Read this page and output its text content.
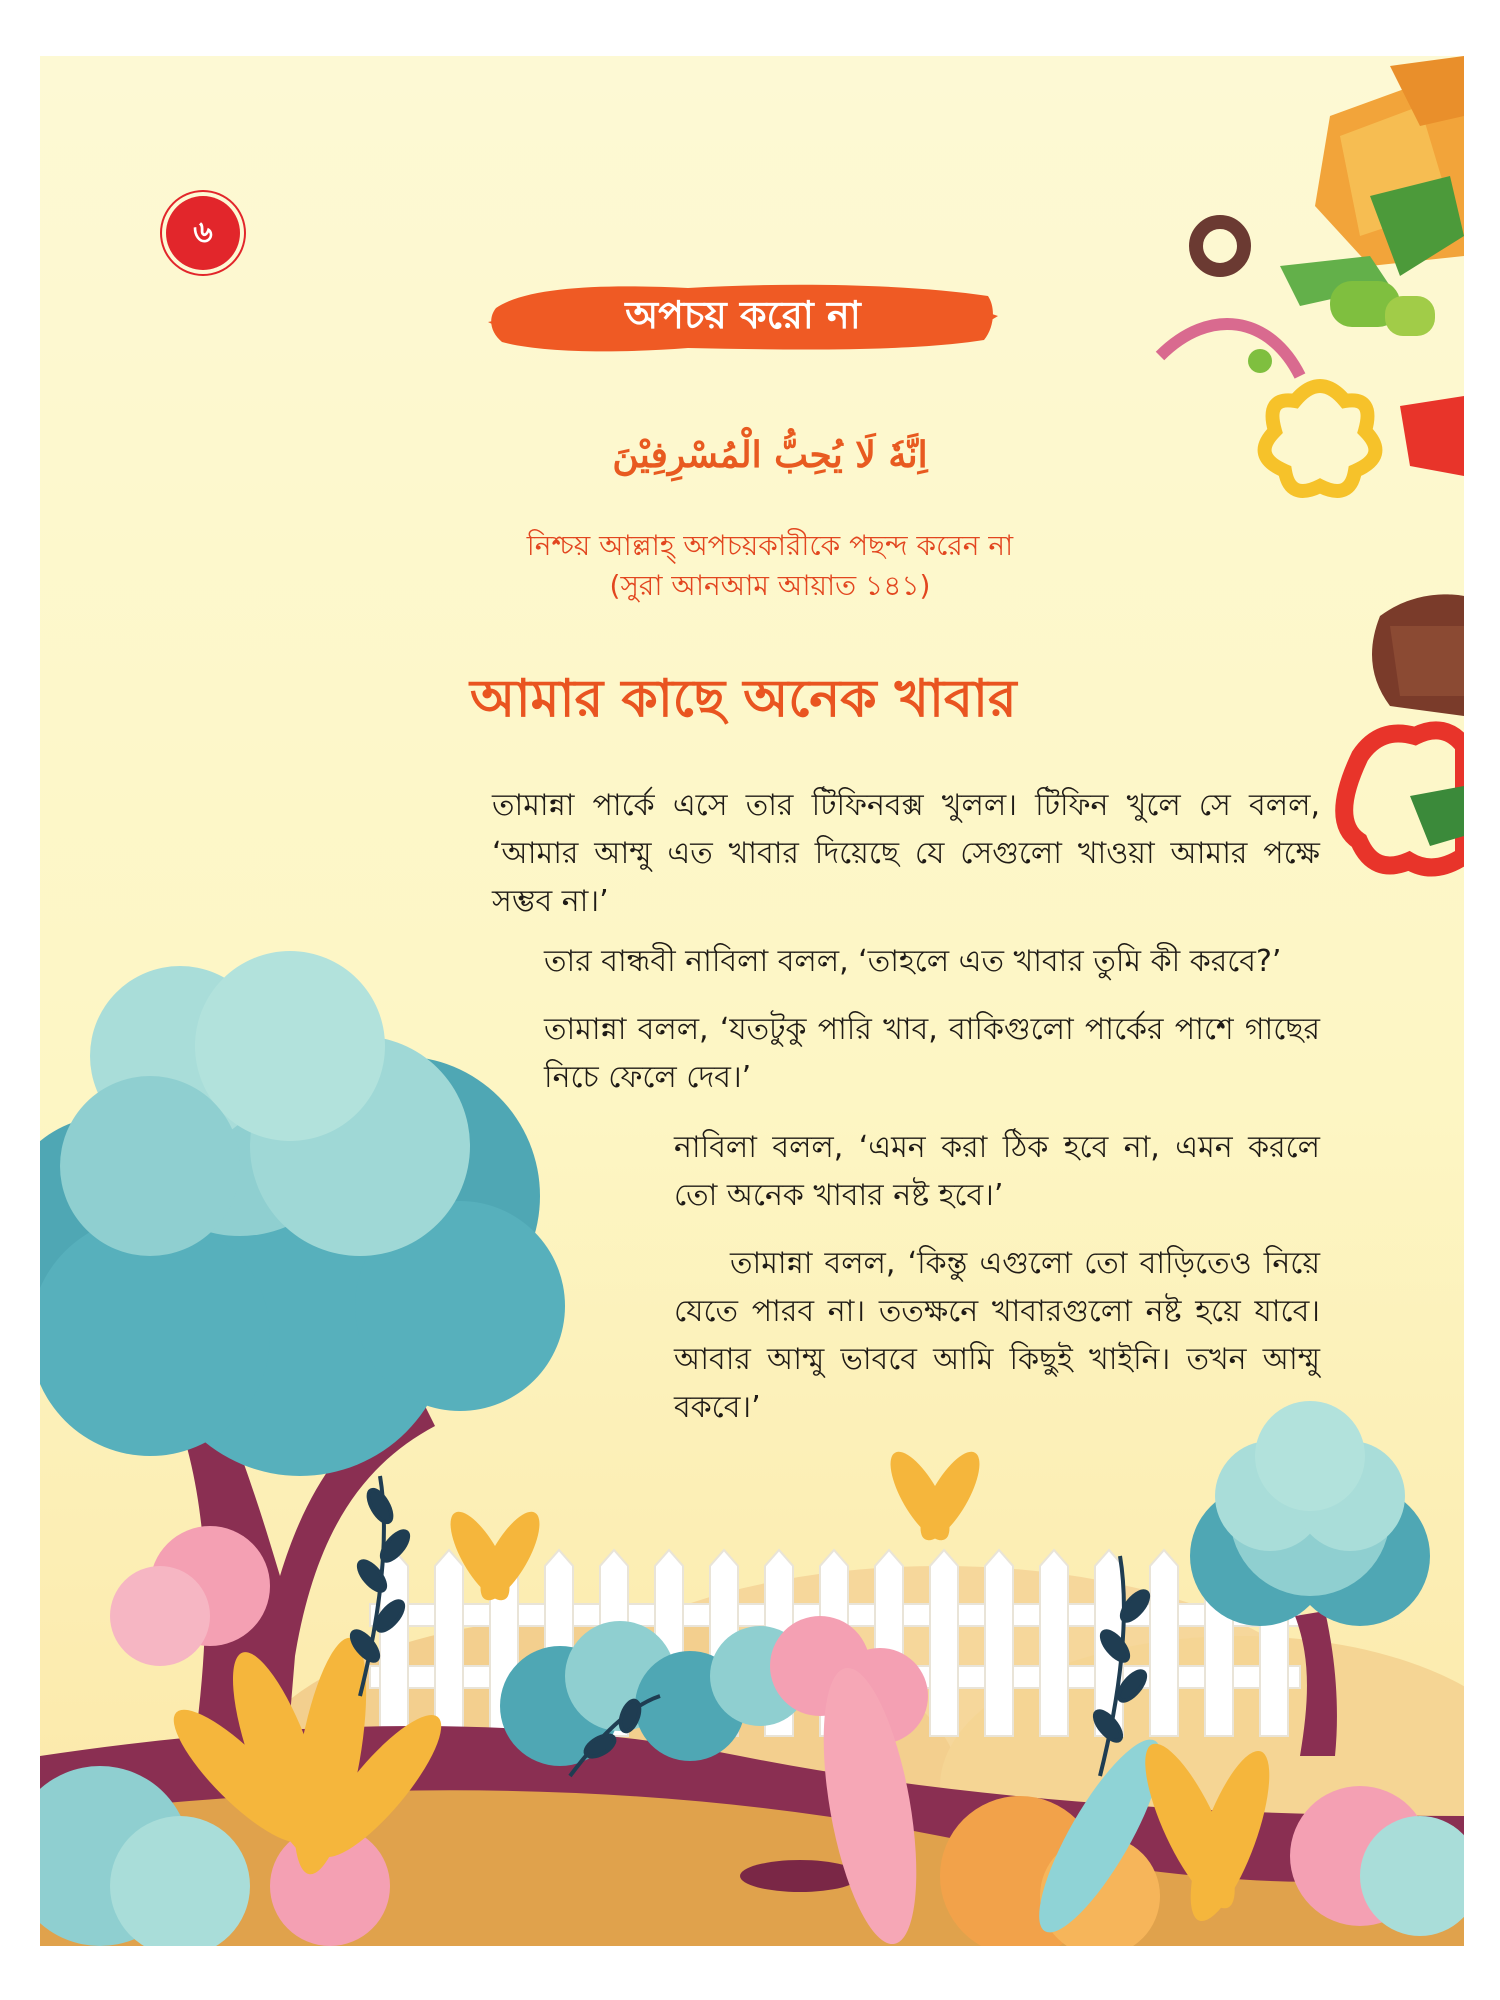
৬
অপচয় করো না
اِنَّهٗ لَا يُحِبُّ الْمُسْرِفِيْنَ
নিশ্চয় আল্লাহ্ অপচয়কারীকে পছন্দ করেন না
(সুরা আনআম আয়াত ১৪১)
আমার কাছে অনেক খাবার
তামান্না পার্কে এসে তার টিফিনবক্স খুলল। টিফিন খুলে সে বলল, ‘আমার আম্মু এত খাবার দিয়েছে যে সেগুলো খাওয়া আমার পক্ষে সম্ভব না।’
তার বান্ধবী নাবিলা বলল, ‘তাহলে এত খাবার তুমি কী করবে?’
তামান্না বলল, ‘যতটুকু পারি খাব, বাকিগুলো পার্কের পাশে গাছের নিচে ফেলে দেব।’
নাবিলা বলল, ‘এমন করা ঠিক হবে না, এমন করলে তো অনেক খাবার নষ্ট হবে।’
তামান্না বলল, ‘কিন্তু এগুলো তো বাড়িতেও নিয়ে যেতে পারব না। ততক্ষনে খাবারগুলো নষ্ট হয়ে যাবে। আবার আম্মু ভাববে আমি কিছুই খাইনি। তখন আম্মু বকবে।’
